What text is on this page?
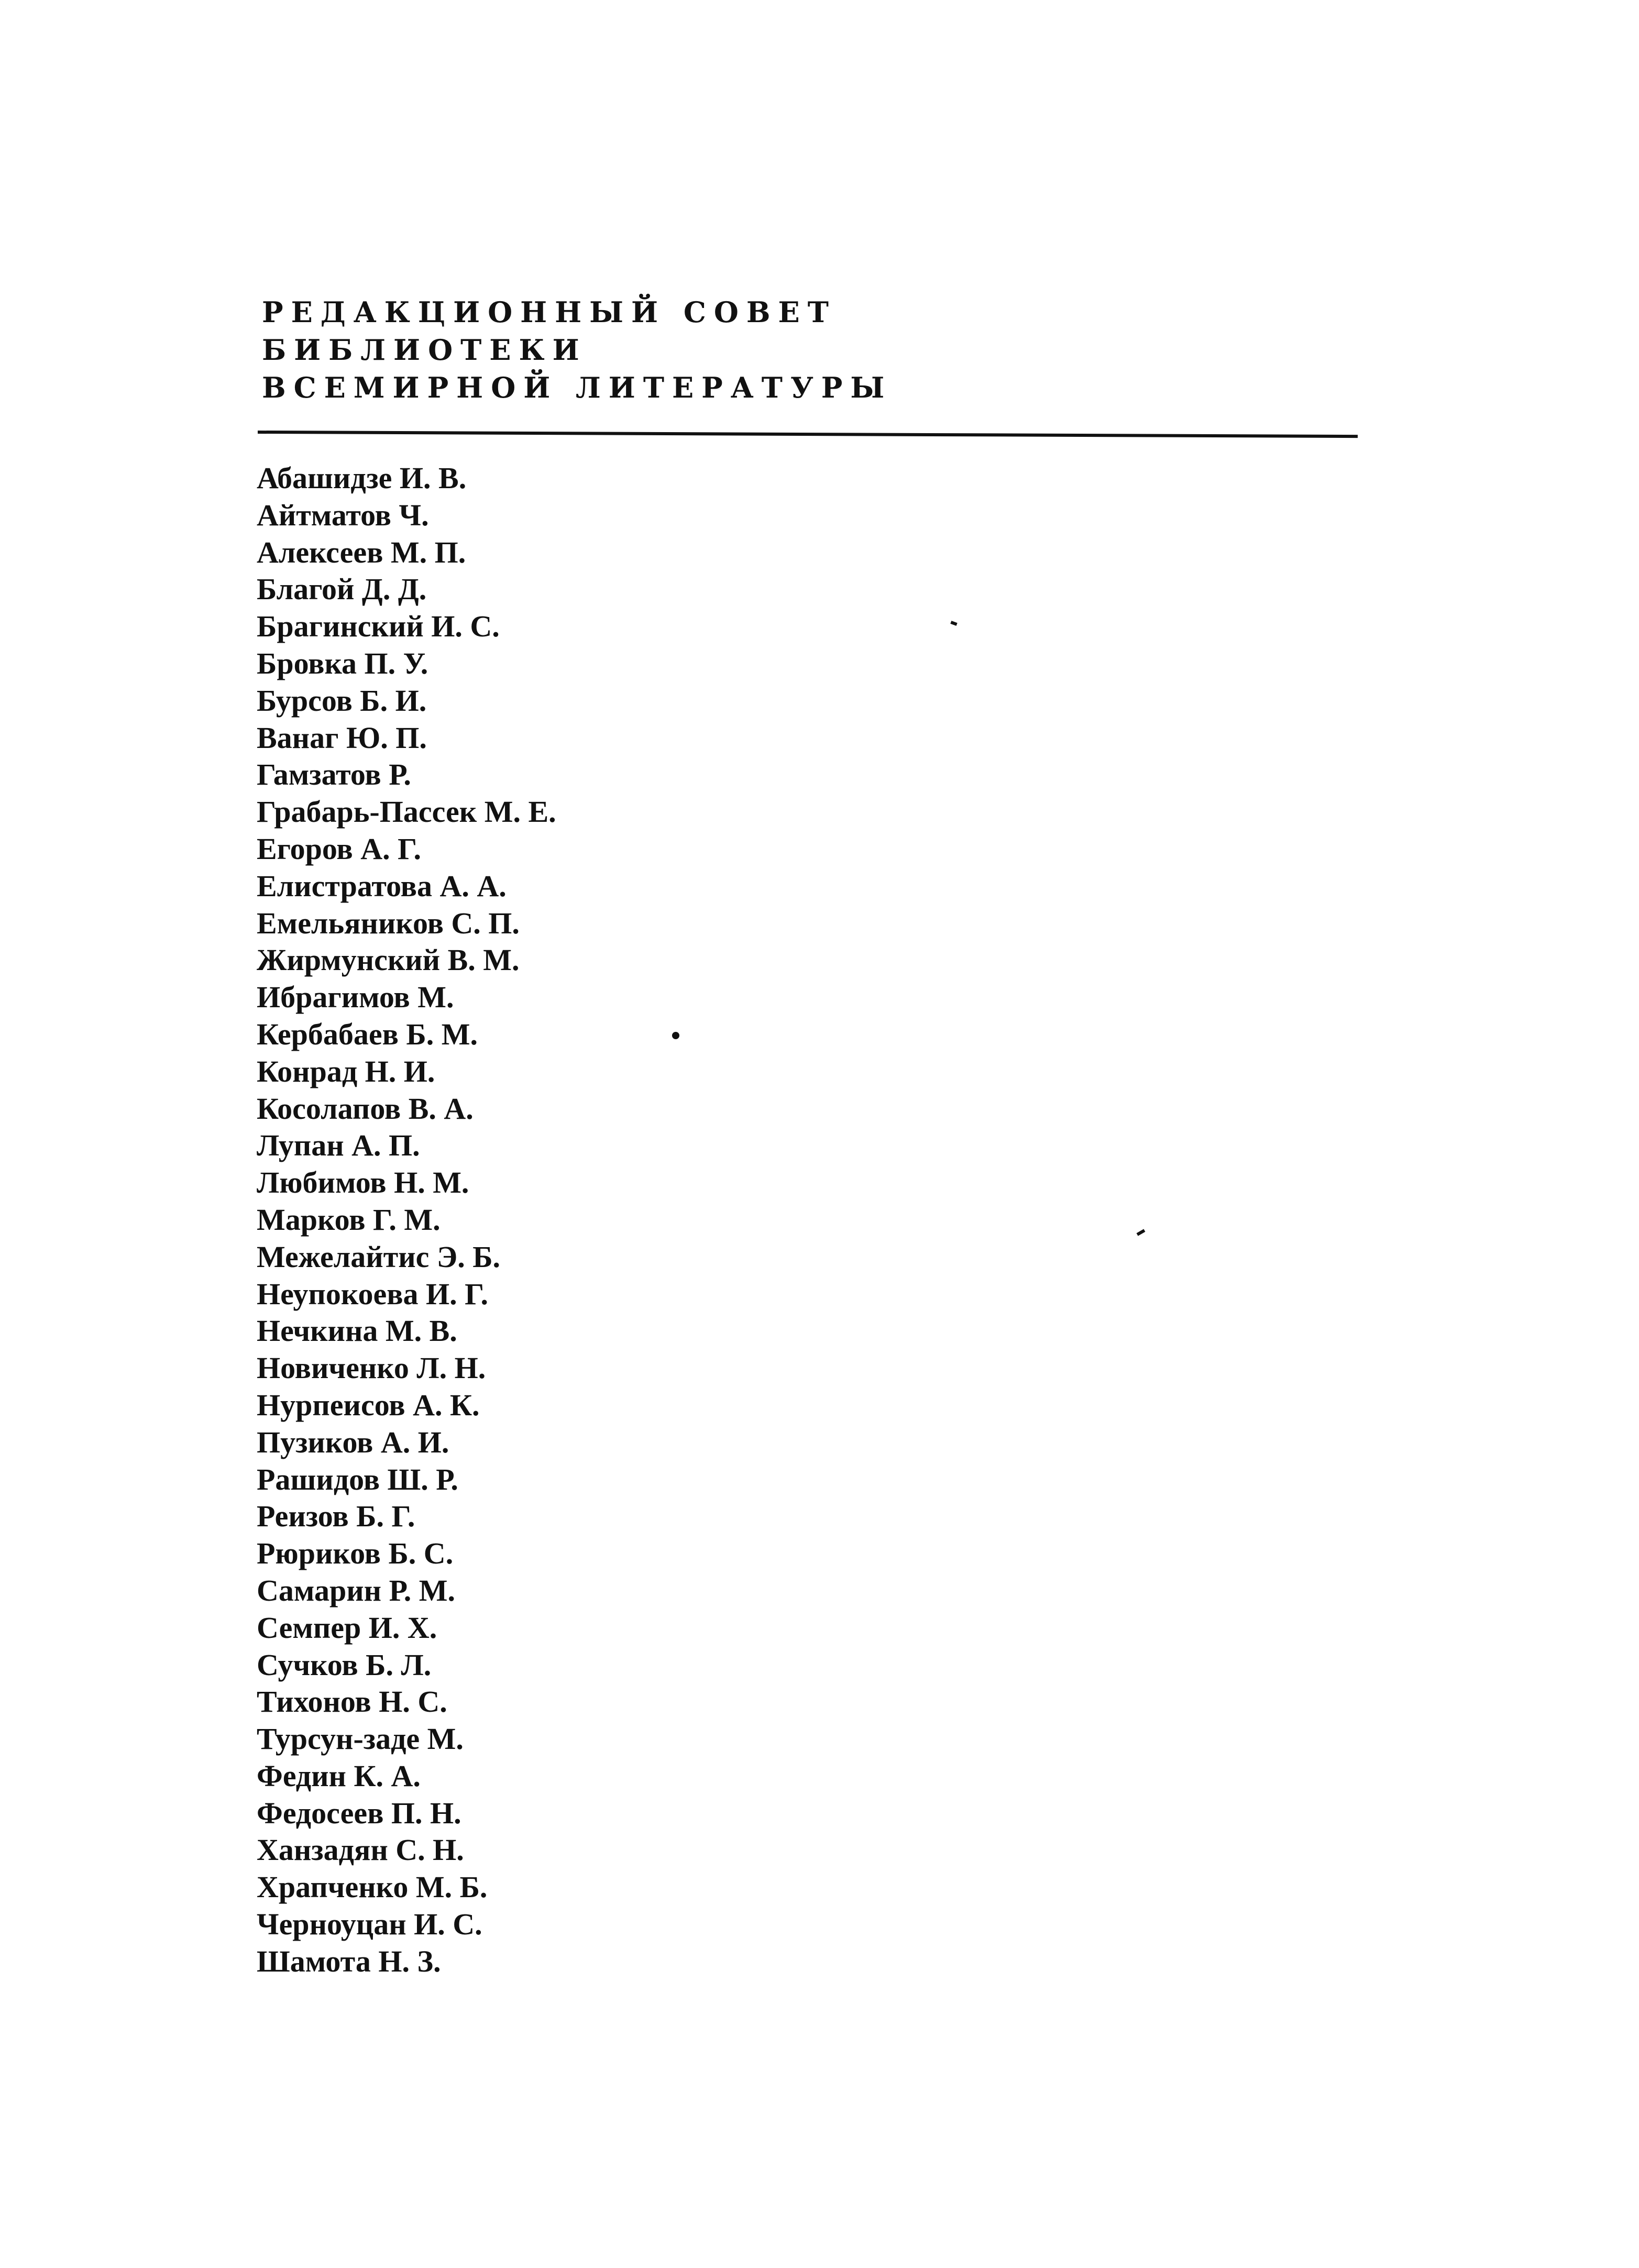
РЕДАКЦИОННЫЙ СОВЕТ
БИБЛИОТЕКИ
ВСЕМИРНОЙ ЛИТЕРАТУРЫ
Абашидзе И. В.
Айтматов Ч.
Алексеев М. П.
Благой Д. Д.
Брагинский И. С.
Бровка П. У.
Бурсов Б. И.
Ванаг Ю. П.
Гамзатов Р.
Грабарь-Пассек М. Е.
Егоров А. Г.
Елистратова А. А.
Емельяников С. П.
Жирмунский В. М.
Ибрагимов М.
Кербабаев Б. М.
Конрад Н. И.
Косолапов В. А.
Лупан А. П.
Любимов Н. М.
Марков Г. М.
Межелайтис Э. Б.
Неупокоева И. Г.
Нечкина М. В.
Новиченко Л. Н.
Нурпеисов А. К.
Пузиков А. И.
Рашидов Ш. Р.
Реизов Б. Г.
Рюриков Б. С.
Самарин Р. М.
Семпер И. Х.
Сучков Б. Л.
Тихонов Н. С.
Турсун-заде М.
Федин К. А.
Федосеев П. Н.
Ханзадян С. Н.
Храпченко М. Б.
Черноуцан И. С.
Шамота Н. З.
